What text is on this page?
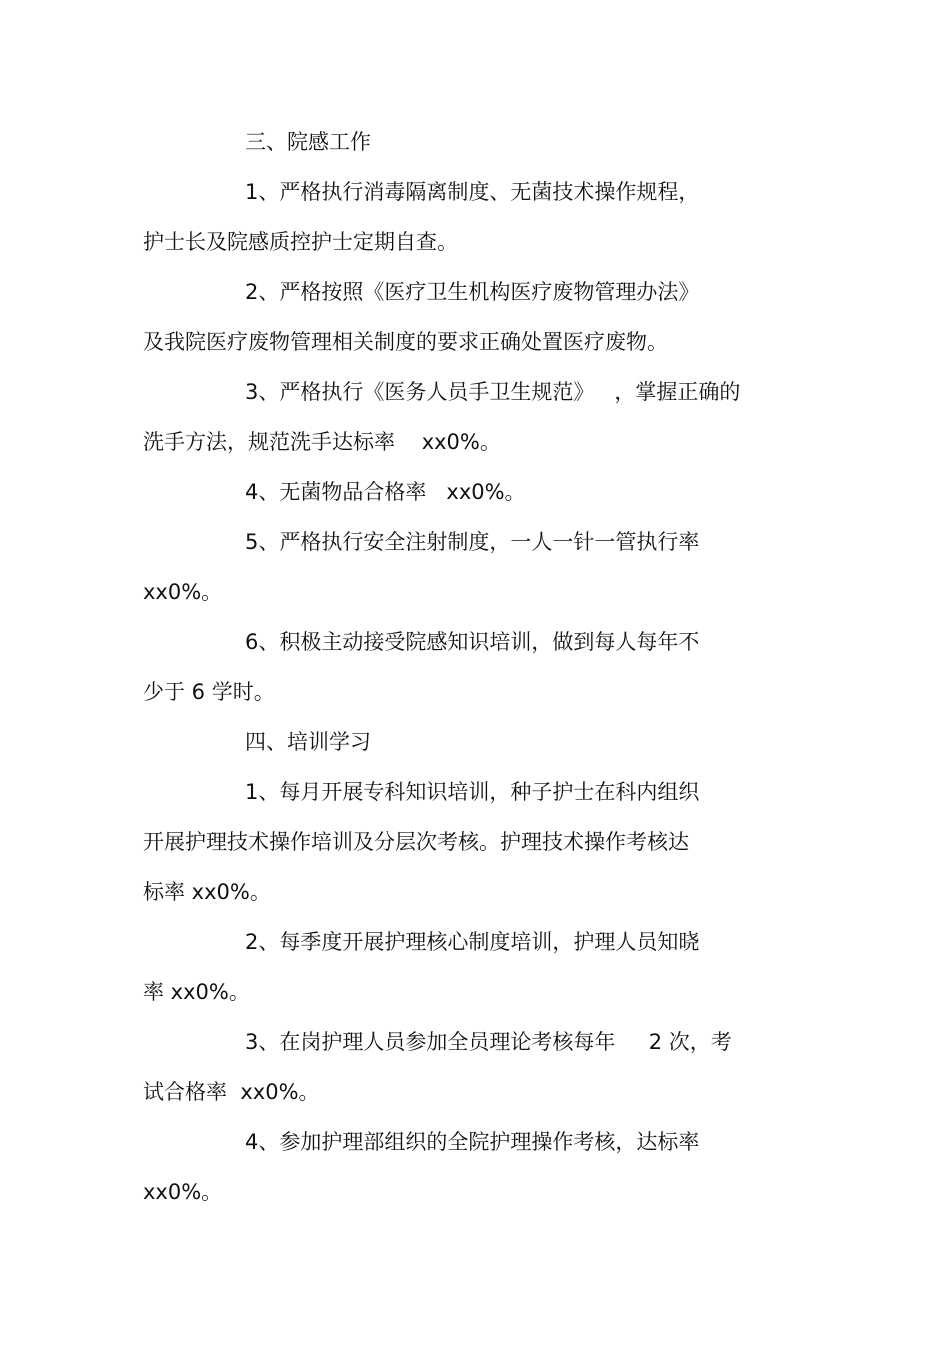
三、院感工作

1、严格执行消毒隔离制度、无菌技术操作规程，

护士长及院感质控护士定期自查。

2、严格按照《医疗卫生机构医疗废物管理办法》

及我院医疗废物管理相关制度的要求正确处置医疗废物。

3、严格执行《医务人员手卫生规范》   ，掌握正确的

洗手方法，规范洗手达标率    xx0%。

4、无菌物品合格率   xx0%。

5、严格执行安全注射制度，一人一针一管执行率

xx0%。

6、积极主动接受院感知识培训，做到每人每年不

少于 6 学时。

四、培训学习

1、每月开展专科知识培训，种子护士在科内组织

开展护理技术操作培训及分层次考核。护理技术操作考核达

标率 xx0%。

2、每季度开展护理核心制度培训，护理人员知晓

率 xx0%。

3、在岗护理人员参加全员理论考核每年     2 次，考

试合格率  xx0%。

4、参加护理部组织的全院护理操作考核，达标率

xx0%。
